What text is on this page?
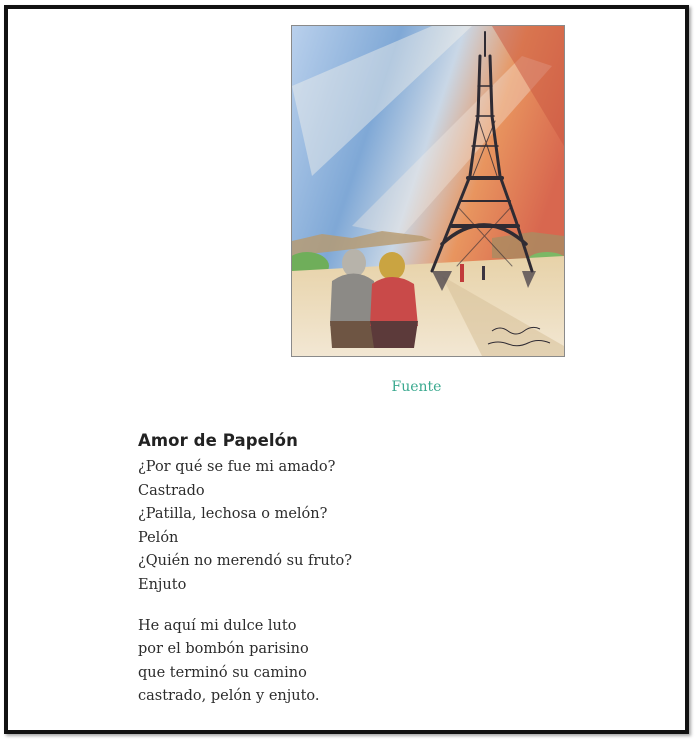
Fuente
Amor de Papelón
¿Por qué se fue mi amado?
Castrado
¿Patilla, lechosa o melón?
Pelón
¿Quién no merendó su fruto?
Enjuto
He aquí mi dulce luto
por el bombón parisino
que terminó su camino
castrado, pelón y enjuto.
